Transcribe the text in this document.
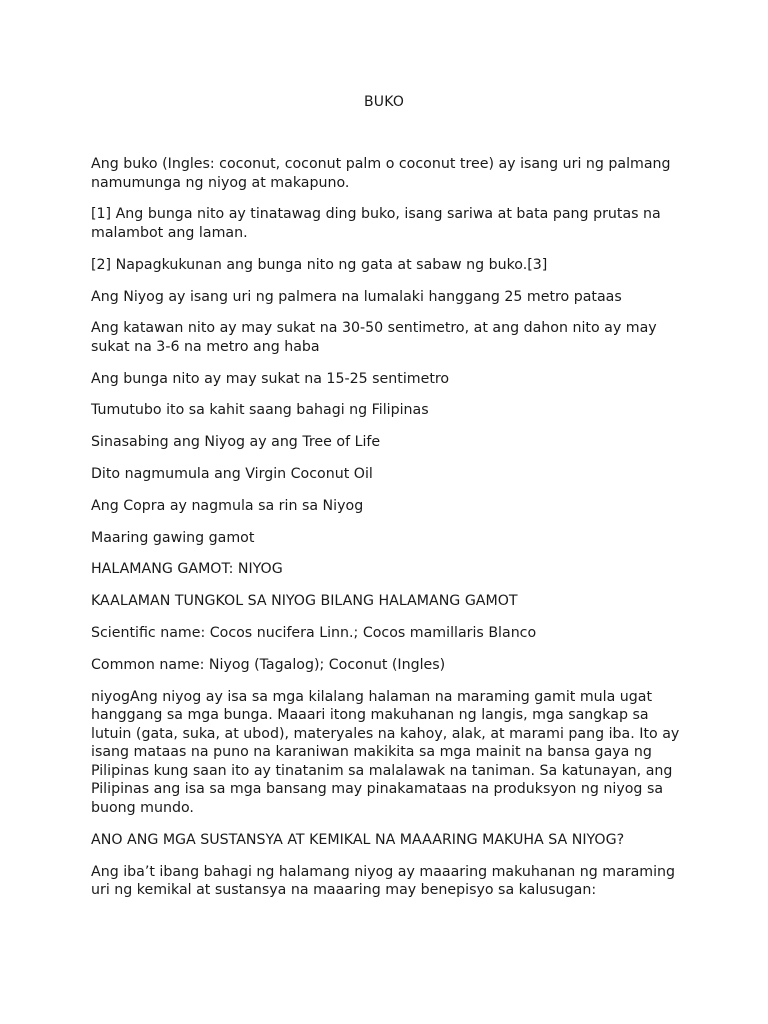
BUKO

Ang buko (Ingles: coconut, coconut palm o coconut tree) ay isang uri ng palmang namumunga ng niyog at makapuno.

[1] Ang bunga nito ay tinatawag ding buko, isang sariwa at bata pang prutas na malambot ang laman.

[2] Napagkukunan ang bunga nito ng gata at sabaw ng buko.[3]

Ang Niyog ay isang uri ng palmera na lumalaki hanggang 25 metro pataas

Ang katawan nito ay may sukat na 30-50 sentimetro, at ang dahon nito ay may sukat na 3-6 na metro ang haba

Ang bunga nito ay may sukat na 15-25 sentimetro

Tumutubo ito sa kahit saang bahagi ng Filipinas

Sinasabing ang Niyog ay ang Tree of Life

Dito nagmumula ang Virgin Coconut Oil

Ang Copra ay nagmula sa rin sa Niyog

Maaring gawing gamot

HALAMANG GAMOT: NIYOG

KAALAMAN TUNGKOL SA NIYOG BILANG HALAMANG GAMOT

Scientific name: Cocos nucifera Linn.; Cocos mamillaris Blanco

Common name: Niyog (Tagalog); Coconut (Ingles)

niyogAng niyog ay isa sa mga kilalang halaman na maraming gamit mula ugat hanggang sa mga bunga. Maaari itong makuhanan ng langis, mga sangkap sa lutuin (gata, suka, at ubod), materyales na kahoy, alak, at marami pang iba. Ito ay isang mataas na puno na karaniwan makikita sa mga mainit na bansa gaya ng Pilipinas kung saan ito ay tinatanim sa malalawak na taniman. Sa katunayan, ang Pilipinas ang isa sa mga bansang may pinakamataas na produksyon ng niyog sa buong mundo.

ANO ANG MGA SUSTANSYA AT KEMIKAL NA MAAARING MAKUHA SA NIYOG?

Ang iba’t ibang bahagi ng halamang niyog ay maaaring makuhanan ng maraming uri ng kemikal at sustansya na maaaring may benepisyo sa kalusugan:
